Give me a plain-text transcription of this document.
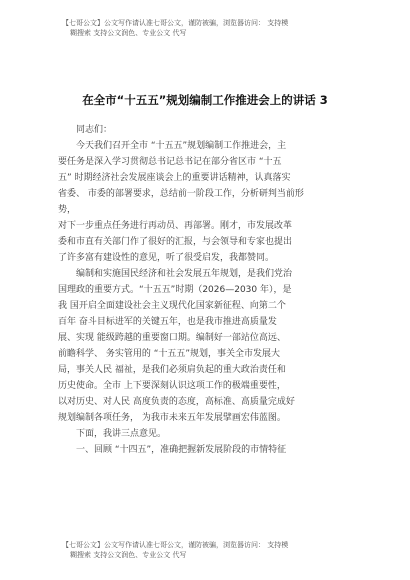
【七哥公文】公文写作请认准七哥公文，谨防被骗，浏览器访问： 支持模
糊搜索 支持公文润色、专业公文 代写
在全市“十五五”规划编制工作推进会上的讲话 3

同志们：

今天我们召开全市 “十五五”规划编制工作推进会，主

要任务是深入学习贯彻总书记总书记在部分省区市 “十五

五” 时期经济社会发展座谈会上的重要讲话精神，认真落实

省委、 市委的部署要求，总结前一阶段工作，分析研判当前形

势，

对下一步重点任务进行再动员、再部署。刚才，市发展改革

委和市直有关部门作了很好的汇报，与会领导和专家也提出

了许多富有建设性的意见，听了很受启发，我都赞同。

编制和实施国民经济和社会发展五年规划，是我们党治

国理政的重要方式。“十五五”时期（2026—2030 年），是

我 国开启全面建设社会主义现代化国家新征程、向第二个

百年 奋斗目标进军的关键五年，也是我市推进高质量发

展、实现 能级跨越的重要窗口期。编制好一部站位高远、

前瞻科学、 务实管用的 “十五五”规划，事关全市发展大

局，事关人民 福祉，是我们必须肩负起的重大政治责任和

历史使命。全市 上下要深刻认识这项工作的极端重要性，

以对历史、对人民 高度负责的态度，高标准、高质量完成好

规划编制各项任务， 为我市未来五年发展擘画宏伟蓝图。

下面，我讲三点意见。

一、回顾 “十四五”，准确把握新发展阶段的市情特征

【七哥公文】公文写作请认准七哥公文，谨防被骗，浏览器访问： 支持模
糊搜索 支持公文润色、专业公文 代写
